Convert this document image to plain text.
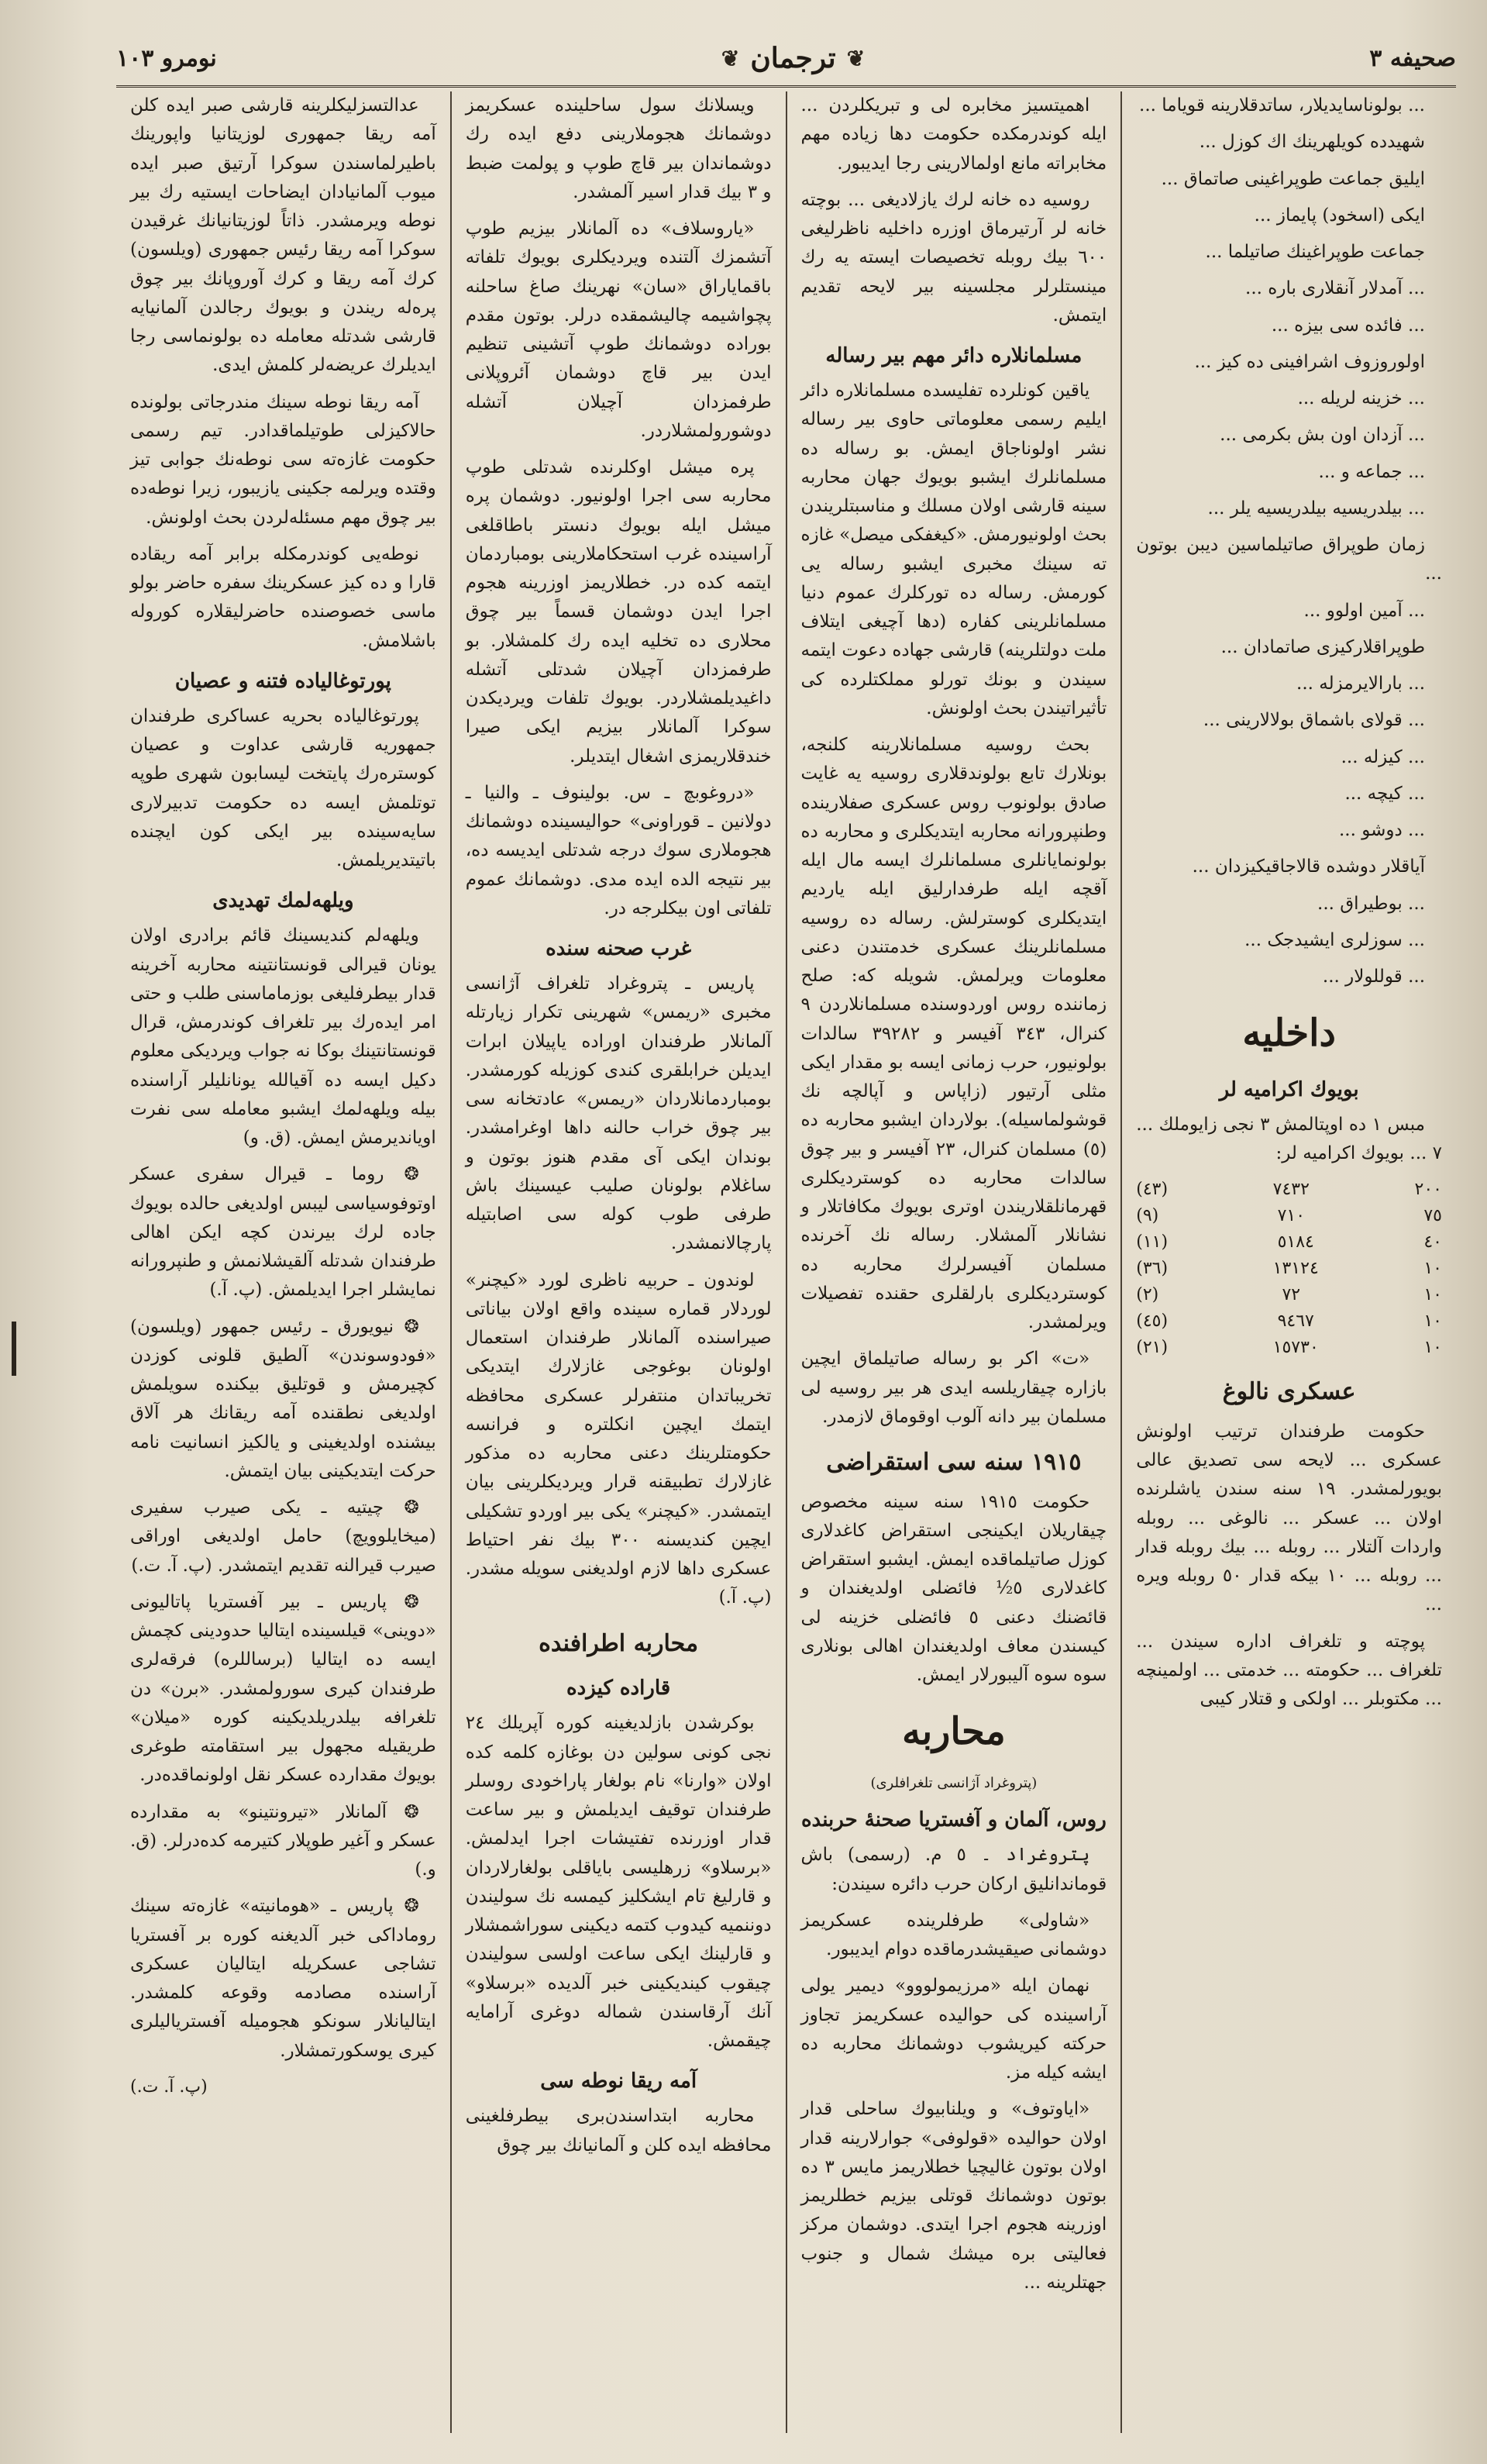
صحيفه ٣
❦
ترجمان
❦
نومرو ١٠٣

... بولوناسایدیلار، ساتدقلارینه قویاما ...

شهیدده کویلهرینك اك کوزل ...

ایلیق جماعت طوپراغینی صاتماق ...

ایکی (اسخود) پایماز ...

جماعت طوپراغینك صاتیلما ...

... آمدلار آنقلاری باره ...

... فائده سی بیزه ...

اولوروزوف اشرافینی ده کیز ...

... خزینه لریله ...

... آزدان اون بش بکرمی ...

... جماعه و ...

... بیلدریسیه بیلدریسیه یلر ...

زمان طوپراق صاتیلماسین دیبن بوتون ...

... آمین اولوو ...

طوپراقلارکیزی صاتمادان ...

... بارالایرمزله ...

... قولای باشماق بولالارینی ...

... کیزله ...

... کیچه ...

... دوشو ...

آیاقلار دوشده قالاجاقیکیزدان ...

... بوطیراق ...

... سوزلری ایشیدجک ...

... قوللولار ...

داخليه
بویوك اکرامیه لر

مبس ١ ده اوپتالمش ٣ نجی زایوملك ... ۷ ... بویوك اکرامیه لر:

(٤٣)	٧٤٣٢	٢٠٠
(٩)	٧١٠	٧٥
(١١)	٥١٨٤	٤٠
(٣٦)	١٣١٢٤	١٠
(٢)	٧٢	١٠
(٤٥)	٩٤٦٧	١٠
(٢١)	١٥٧٣٠	١٠
عسکری نالوغ

حکومت طرفندان ترتیب اولونش عسکری ... لایحه سی تصدیق عالی بویورلمشدر. ١٩ سنه سندن یاشلرنده اولان ... عسکر ... نالوغی ... روبله واردات آلتلار ... روبله ... بیك روبله قدار ... روبله ... ١٠ بیکه قدار ٥٠ روبله ویره ...

پوچته و تلغراف اداره سیندن ... تلغراف ... حکومته ... خدمتی ... اولمینچه ... مکتوبلر ... اولکی و قتلار کیبی

اهمیتسیز مخابره لی و تبریکلردن ... ایله کوندرمکده حکومت دها زیاده مهم مخابراته مانع اولمالارینی رجا ایدیبور.

روسیه ده خانه لرك یازلادیغی ... بوچته خانه لر آرتیرماق اوزره داخلیه ناظرلیغی ٦٠٠ بیك روبله تخصیصات ایسته یه رك مینستلرلر مجلسینه بیر لایحه تقدیم ایتمش.

مسلمانلاره دائر مهم بیر رساله

یاقین کونلرده تفلیسده مسلمانلاره دائر ایلیم رسمی معلوماتی حاوی بیر رساله نشر اولوناجاق ایمش. بو رساله ده مسلمانلرك ایشبو بویوك جهان محاربه سینه قارشی اولان مسلك و مناسبتلریندن بحث اولونیورمش. «کیغفکی میصل» غازه ته سینك مخبری ایشبو رساله یی کورمش. رساله ده تورکلرك عموم دنیا مسلمانلرینی کفاره (دها آچیغی ایتلاف ملت دولتلرینه) قارشی جهاده دعوت ایتمه سیندن و بونك تورلو مملکتلرده کی تأثیراتیندن بحث اولونش.

بحث روسیه مسلمانلارینه کلنجه، بونلارك تابع بولوندقلاری روسیه یه غایت صادق بولونوب روس عسکری صفلارینده وطنپرورانه محاربه ایتدیکلری و محاربه ده بولونمایانلری مسلمانلرك ایسه مال ایله آقچه ایله طرفدارلیق ایله یاردیم ایتدیکلری کوسترلش. رساله ده روسیه مسلمانلرینك عسکری خدمتندن دعنی معلومات ویرلمش. شویله که: صلح زماننده روس اوردوسنده مسلمانلاردن ٩ کنرال، ٣٤٣ آفیسر و ٣٩٢٨٢ سالدات بولونیور، حرب زمانی ایسه بو مقدار ایکی مثلی آرتیور (زاپاس و آپالچه نك قوشولماسیله). بولاردان ایشبو محاربه ده (٥) مسلمان کنرال، ٢٣ آفیسر و بیر چوق سالدات محاربه ده کوستردیکلری قهرمانلقلاریندن اوتری بویوك مکافاتلار و نشانلار آلمشلار. رساله نك آخرنده مسلمان آفیسرلرك محاربه ده کوستردیکلری بارلقلری حقنده تفصیلات ویرلمشدر.

«ت» اکر بو رساله صاتیلماق ایچین بازاره چیقاریلسه ایدی هر بیر روسیه لی مسلمان بیر دانه آلوب اوقوماق لازمدر.

١٩١٥ سنه سی استقراضی

حکومت ١٩١٥ سنه سینه مخصوص چیقاریلان ایکینجی استقراض کاغدلاری کوزل صاتیلماقده ایمش. ایشبو استقراض کاغدلاری ٥½ فائضلی اولدیغندان و قائضنك دعنی ٥ فائضلی خزینه لی کیسندن معاف اولدیغندان اهالی بونلاری سوه سوه آلیبورلار ایمش.

محاربه
(پتروغراد آژانسی تلغرافلری)
روس، آلمان و آفستریا صحنۀ حربنده

پتروغراد ۔ ٥ م. (رسمی) باش قوماندانلیق ارکان حرب دائره سیندن:

«شاولی» طرفلرینده عسکریمز دوشمانی صیقیشدرماقده دوام ایدیبور.

نهمان ایله «مرزیمولووو» دیمیر یولی آراسینده کی حوالیده عسکریمز تجاوز حرکته کیریشوب دوشمانك محاربه ده ایشه کیله مز.

«ایاوتوف» و ویلنابیوك ساحلی قدار اولان حوالیده «قولوفی» جوارلارینه قدار اولان بوتون غالیچیا خطلاریمز مایس ٣ ده بوتون دوشمانك قوتلی بیزیم خطلریمز اوزرینه هجوم اجرا ایتدی. دوشمان مرکز فعالیتی بره میشك شمال و جنوب جهتلرینه ...

ویسلانك سول ساحلینده عسکریمز دوشمانك هجوملارینی دفع ایده رك دوشماندان بیر قاچ طوپ و پولمت ضبط و ٣ بیك قدار اسیر آلمشدر.

«یاروسلاف» ده آلمانلار بیزیم طوپ آتشمزك آلتنده ویردیکلری بویوك تلفاته باقمایاراق «سان» نهرینك صاغ ساحلنه پچواشیمه چالیشمقده درلر. بوتون مقدم بوراده دوشمانك طوپ آتشینی تنظیم ایدن بیر قاچ دوشمان آئروپلانی طرفمزدان آچیلان آتشله دوشورولمشلاردر.

پره میشل اوکلرنده شدتلی طوپ محاربه سی اجرا اولونیور. دوشمان پره میشل ایله بویوك دنستر باطاقلغی آراسینده غرب استحکاملارینی بومباردمان ایتمه کده در. خطلاریمز اوزرینه هجوم اجرا ایدن دوشمان قسماً بیر چوق محلاری ده تخلیه ایده رك کلمشلار. بو طرفمزدان آچیلان شدتلی آتشله داغیدیلمشلاردر. بویوك تلفات ویردیکدن سوکرا آلمانلار بیزیم ایکی صیرا خندقلاریمزی اشغال ایتدیلر.

«دروغوبچ ـ س. بولینوف ـ والنیا ـ دولانین ـ قوراونی» حوالیسینده دوشمانك هجوملاری سوك درجه شدتلی ایدیسه ده، بیر نتیجه الده ایده مدی. دوشمانك عموم تلفاتی اون بیکلرجه در.

غرب صحنه سنده

پاریس ـ پتروغراد تلغراف آژانسی مخبری «ریمس» شهرینی تکرار زیارتله آلمانلار طرفندان اوراده یاپیلان ابرات ایدیلن خرابلقری کندی کوزیله کورمشدر. بومباردمانلاردان «ریمس» عادتخانه سی بیر چوق خراب حالنه داها اوغرامشدر. بوندان ایکی آی مقدم هنوز بوتون و ساغلام بولونان صلیب عیسینك باش طرفی طوب کوله سی اصابتیله پارچالانمشدر.

لوندون ـ حربیه ناظری لورد «کیچنر» لوردلار قماره سینده واقع اولان بیاناتی صیراسنده آلمانلار طرفندان استعمال اولونان بوغوجی غازلارك ایتدیکی تخریباتدان منتفرلر عسکری محافظه ایتمك ایچین انکلتره و فرانسه حکومتلرینك دعنی محاربه ده مذکور غازلارك تطبیقنه قرار ویردیکلرینی بیان ایتمشدر. «کیچنر» یکی بیر اوردو تشکیلی ایچین کندیسنه ٣٠٠ بیك نفر احتیاط عسکری داها لازم اولدیغنی سویله مشدر. (پ. آ.)

محاربه اطرافنده
قاراده کیزده

بوکرشدن بازلدیغینه کوره آپریلك ٢٤ نجی کونی سولین دن بوغازه کلمه کده اولان «وارنا» نام بولغار پاراخودی روسلر طرفندان توقیف ایدیلمش و بیر ساعت قدار اوزرنده تفتیشات اجرا ایدلمش. «برسلاو» زرهلیسی بایاقلی بولغارلاردان و قارلیغ تام ایشکلیز کیمسه نك سولیندن دوننمیه کیدوب کتمه دیکینی سوراشمشلار و قارلینك ایکی ساعت اولسی سولیندن چیقوب کیندیکینی خبر آلدیده «برسلاو» آنك آرقاسندن شماله دوغری آرامایه چیقمش.

آمه ریقا نوطه سی

محاربه ابتداسندن‌بری بیطرفلغینی محافظه ایده کلن و آلمانیانك بیر چوق

عدالتسزلیکلرینه قارشی صبر ایده کلن آمه ریقا جمهوری لوزیتانیا واپورینك باطیرلماسندن سوکرا آرتیق صبر ایده میوب آلمانیادان ایضاحات ایستیه رك بیر نوطه ویرمشدر. ذاتاً لوزیتانیانك غرقیدن سوکرا آمه ریقا رئیس جمهوری (ویلسون) کرك آمه ریقا و کرك آوروپانك بیر چوق پره‌له ریندن و بویوك رجالدن آلمانیایه قارشی شدتله معامله ده بولونماسی رجا ایدیلرك عریضه‌لر کلمش ایدی.

آمه ریقا نوطه سینك مندرجاتی بولونده حالاکیزلی طوتیلماقدادر. تیم رسمی حکومت غازه‌ته سی نوطه‌نك جوابی تیز وقتده ویرلمه جکینی یازیبور، زیرا نوطه‌ده بیر چوق مهم مسئله‌لردن بحث اولونش.

نوطه‌یی کوندرمکله برابر آمه ریقاده قارا و ده کیز عسکرینك سفره حاضر بولو ماسی خصوصنده حاضرلیقلاره کوروله باشلامش.

پورتوغالیاده فتنه و عصیان

پورتوغالیاده بحریه عساکری طرفندان جمهوریه قارشی عداوت و عصیان کوستره‌رك پایتخت لیسابون شهری طوپه توتلمش ایسه ده حکومت تدبیرلاری سایه‌سینده بیر ایکی کون ایچنده باتیتدیریلمش.

ویلهه‌لمك تهدیدی

ویلهه‌لم کندیسینك قائم برادری اولان یونان قیرالی قونستانتینه محاربه آخرینه قدار بیطرفلیغی بوزماماسنی طلب و حتی امر ایده‌رك بیر تلغراف کوندرمش، قرال قونستانتینك بوکا نه جواب ویردیکی معلوم دکیل ایسه ده آقیالله یونانلیلر آراسنده بیله ویلهه‌لمك ایشبو معامله سی نفرت اویاندیرمش ایمش. (ق. و)

❂ روما ـ قیرال سفری عسکر اوتوفوسیاسی لیبس اولدیغی حالده بویوك جاده لرك بیرندن کچه ایکن اهالی طرفندان شدتله آلقیشلانمش و طنپرورانه نمایشلر اجرا ایدیلمش. (پ. آ.)

❂ نیویورق ـ رئیس جمهور (ویلسون) «فودوسوندن» آلطیق قلونی کوزدن کچیرمش و قوتلیق بیکنده سویلمش اولدیغی نطقنده آمه ریقانك هر آلاق بیشنده اولدیغینی و یالکیز انسانیت نامه حرکت ایتدیکینی بیان ایتمش.

❂ چیتیه ـ یکی صیرب سفیری (میخایلوویچ) حامل اولدیغی اوراقی صیرب قیرالنه تقدیم ایتمشدر. (پ. آ. ت.)

❂ پاریس ـ بیر آفستریا پاتالیونی «دوینی» قیلسینده ایتالیا حدودینی کچمش ایسه ده ایتالیا (برساللره) فرقه‌لری طرفندان کیری سورولمشدر. «برن» دن تلغرافه بیلدریلدیکینه کوره «میلان» طریقیله مجهول بیر استقامته طوغری بویوك مقدارده عسکر نقل اولونماقده‌در.

❂ آلمانلار «تیرونتینو» به مقدارده عسکر و آغیر طوپلار کتیرمه کده‌درلر. (ق. و.)

❂ پاریس ـ «هومانیته» غازه‌ته سینك روماداکی خبر آلدیغنه کوره‌ بر آفستریا تشاجی عسکریله ایتالیان عسکری آراسنده مصادمه وقوعه کلمشدر. ایتالیانلار سونکو هجومیله آفستریالیلری کیری یوسکورتمشلار.

(پ. آ. ت.)
